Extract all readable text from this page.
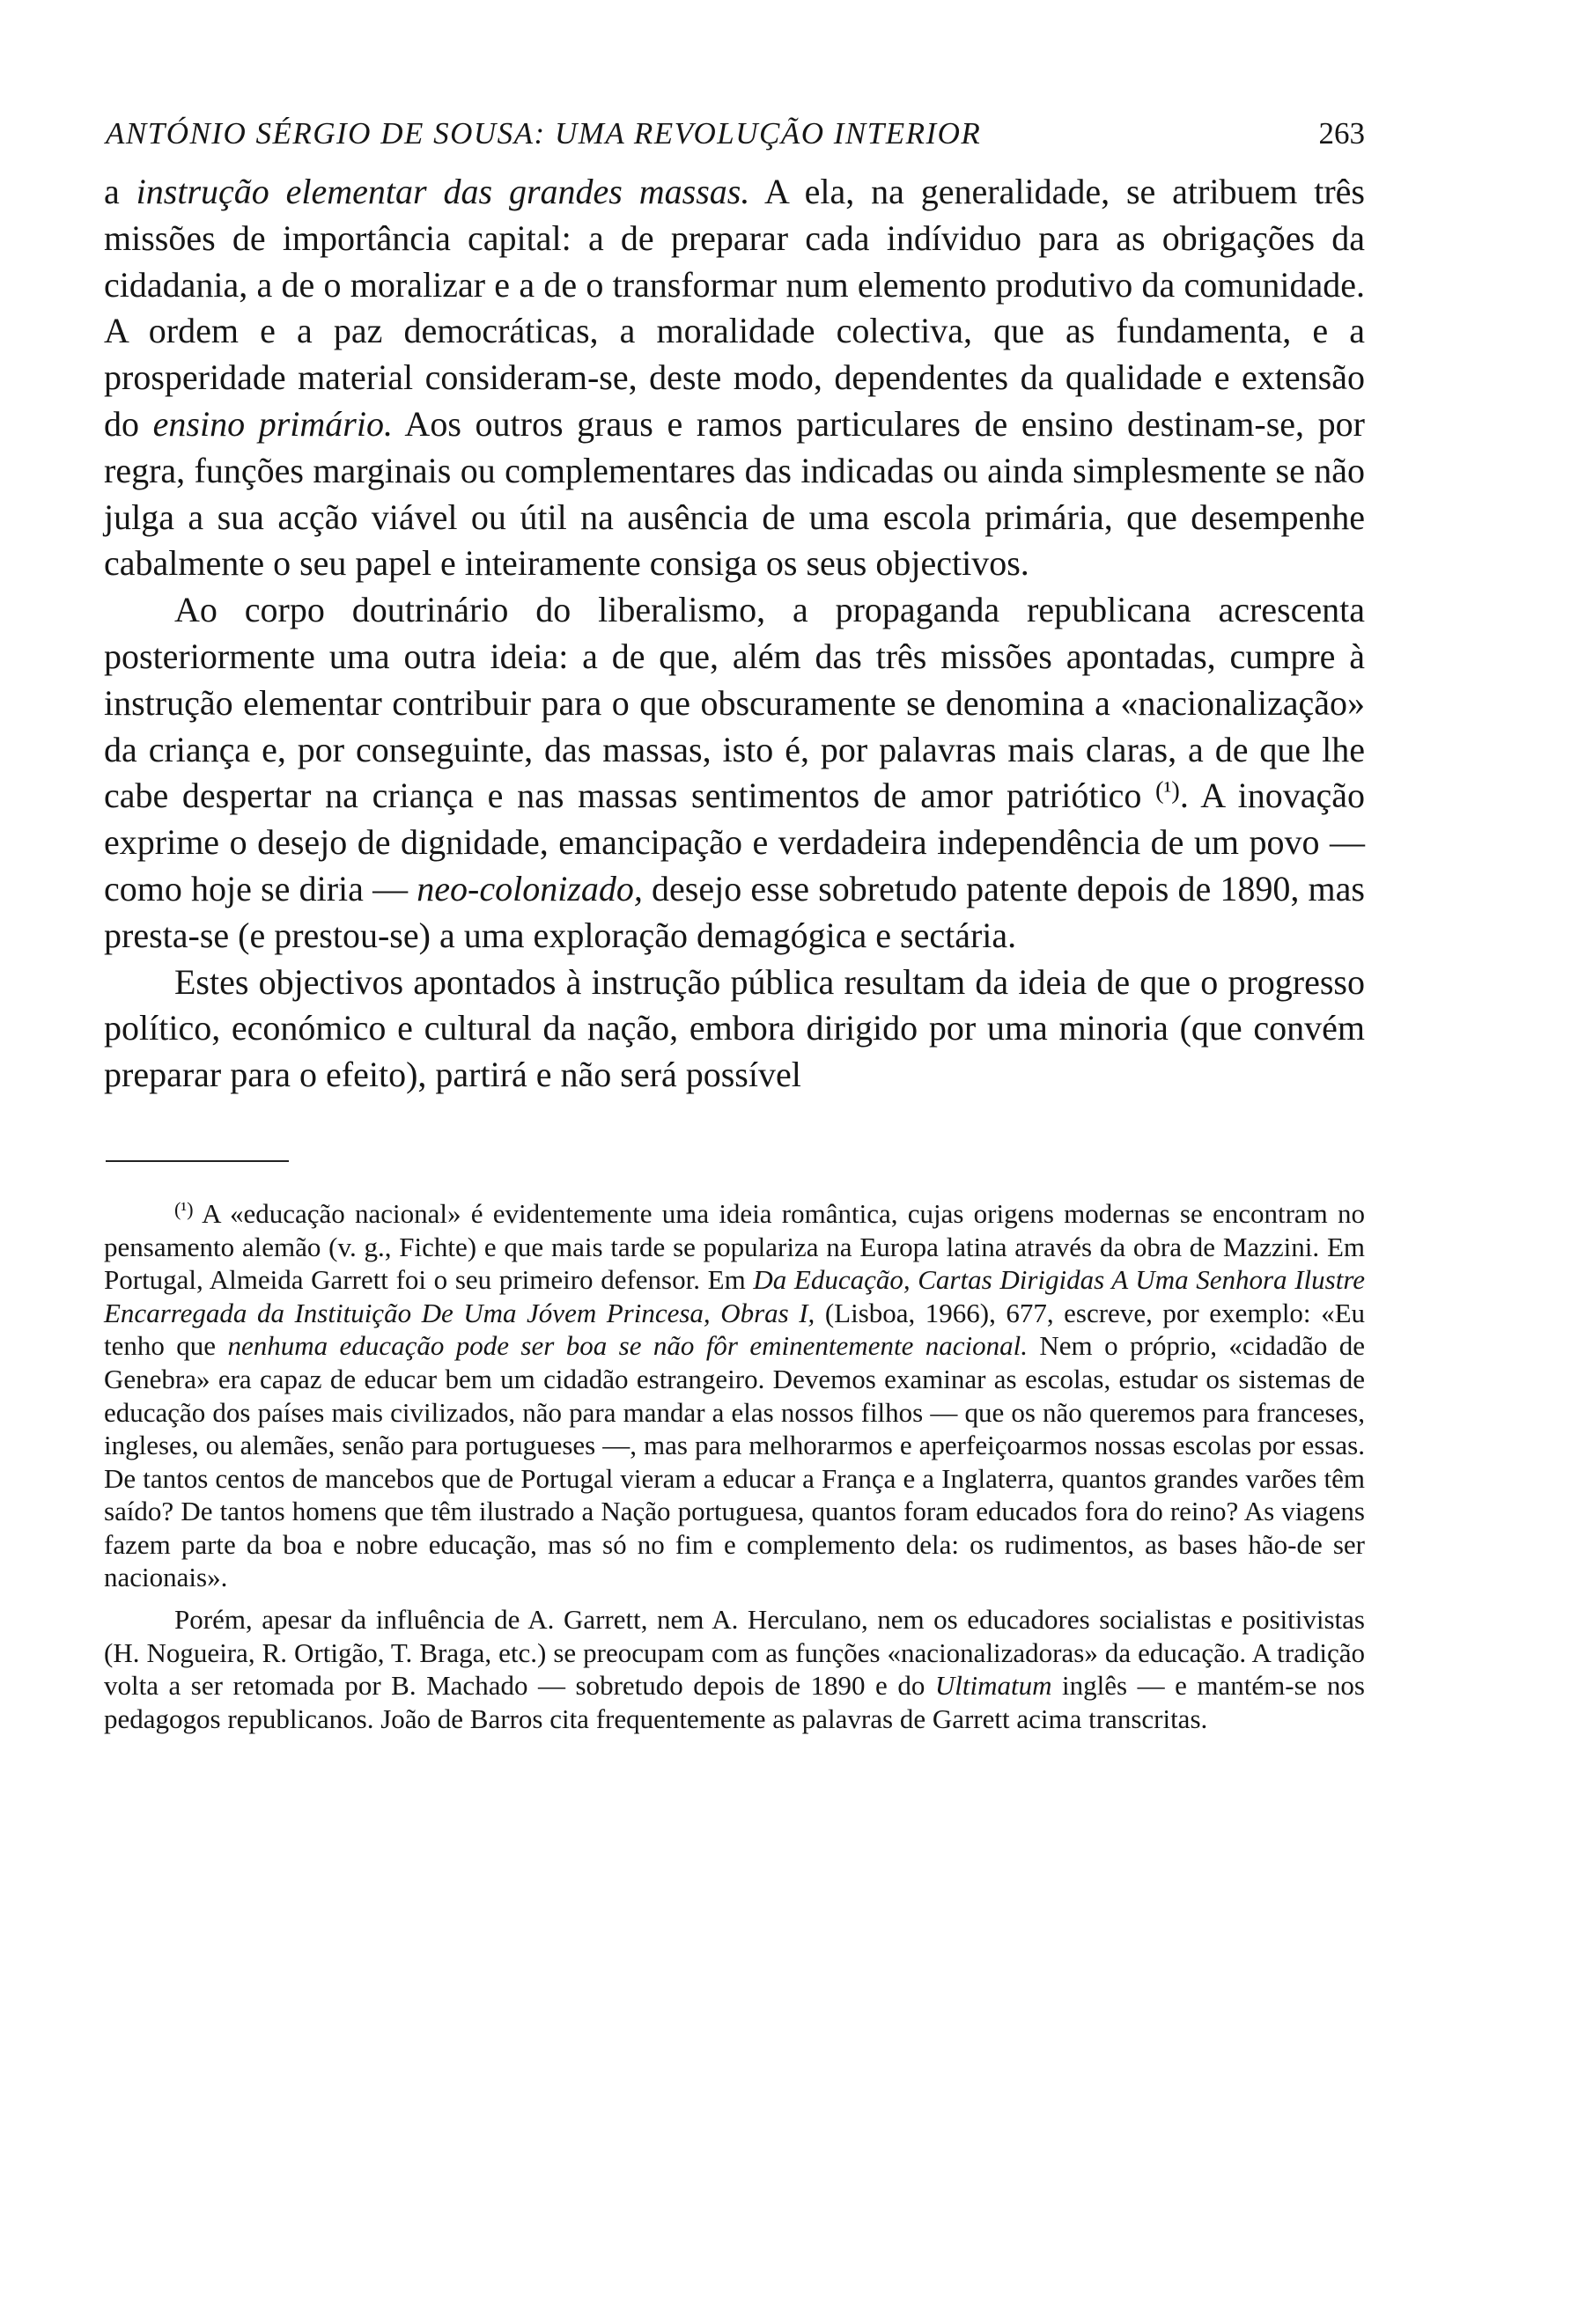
ANTÓNIO SÉRGIO DE SOUSA: UMA REVOLUÇÃO INTERIOR	263

a instrução elementar das grandes massas. A ela, na generalidade, se atribuem três missões de importância capital: a de preparar cada indíviduo para as obrigações da cidadania, a de o moralizar e a de o transformar num elemento produtivo da comunidade. A ordem e a paz democráticas, a moralidade colectiva, que as fundamenta, e a prosperidade material consideram-se, deste modo, dependentes da qualidade e extensão do ensino primário. Aos outros graus e ramos particulares de ensino destinam-se, por regra, funções marginais ou complementares das indicadas ou ainda simplesmente se não julga a sua acção viável ou útil na ausência de uma escola primária, que desempenhe cabalmente o seu papel e inteiramente consiga os seus objectivos.

Ao corpo doutrinário do liberalismo, a propaganda republicana acrescenta posteriormente uma outra ideia: a de que, além das três missões apontadas, cumpre à instrução elementar contribuir para o que obscuramente se denomina a «nacionalização» da criança e, por conseguinte, das massas, isto é, por palavras mais claras, a de que lhe cabe despertar na criança e nas massas sentimentos de amor patriótico $^{(^1)}$. A inovação exprime o desejo de dignidade, emancipação e verdadeira independência de um povo — como hoje se diria — neo-colonizado, desejo esse sobretudo patente depois de 1890, mas presta-se (e prestou-se) a uma exploração demagógica e sectária.

Estes objectivos apontados à instrução pública resultam da ideia de que o progresso político, económico e cultural da nação, embora dirigido por uma minoria (que convém preparar para o efeito), partirá e não será possível

$^{(^1)}$ A «educação nacional» é evidentemente uma ideia romântica, cujas origens modernas se encontram no pensamento alemão (v. g., Fichte) e que mais tarde se populariza na Europa latina através da obra de Mazzini. Em Portugal, Almeida Garrett foi o seu primeiro defensor. Em Da Educação, Cartas Dirigidas A Uma Senhora Ilustre Encarregada da Instituição De Uma Jóvem Princesa, Obras I, (Lisboa, 1966), 677, escreve, por exemplo: «Eu tenho que nenhuma educação pode ser boa se não fôr eminentemente nacional. Nem o próprio, «cidadão de Genebra» era capaz de educar bem um cidadão estrangeiro. Devemos examinar as escolas, estudar os sistemas de educação dos países mais civilizados, não para mandar a elas nossos filhos — que os não queremos para franceses, ingleses, ou alemães, senão para portugueses —, mas para melhorarmos e aperfeiçoarmos nossas escolas por essas. De tantos centos de mancebos que de Portugal vieram a educar a França e a Inglaterra, quantos grandes varões têm saído? De tantos homens que têm ilustrado a Nação portuguesa, quantos foram educados fora do reino? As viagens fazem parte da boa e nobre educação, mas só no fim e complemento dela: os rudimentos, as bases hão-de ser nacionais».

Porém, apesar da influência de A. Garrett, nem A. Herculano, nem os educadores socialistas e positivistas (H. Nogueira, R. Ortigão, T. Braga, etc.) se preocupam com as funções «nacionalizadoras» da educação. A tradição volta a ser retomada por B. Machado — sobretudo depois de 1890 e do Ultimatum inglês — e mantém-se nos pedagogos republicanos. João de Barros cita frequentemente as palavras de Garrett acima transcritas.
